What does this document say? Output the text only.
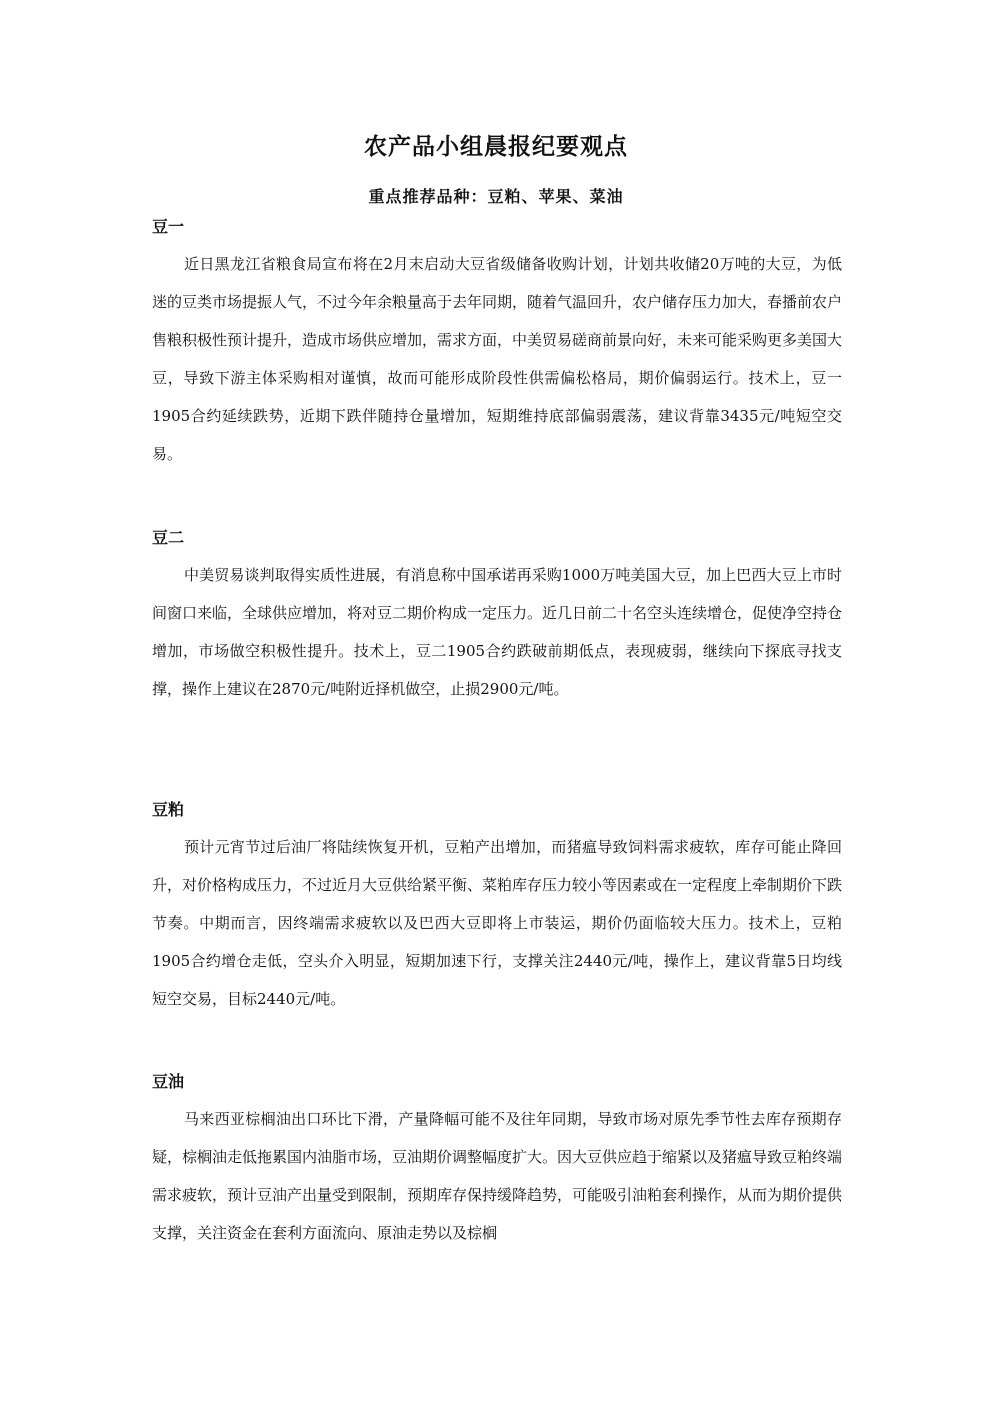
农产品小组晨报纪要观点
重点推荐品种：豆粕、苹果、菜油
豆一

近日黑龙江省粮食局宣布将在2月末启动大豆省级储备收购计划，计划共收储20万吨的大豆，为低迷的豆类市场提振人气，不过今年余粮量高于去年同期，随着气温回升，农户储存压力加大，春播前农户售粮积极性预计提升，造成市场供应增加，需求方面，中美贸易磋商前景向好，未来可能采购更多美国大豆，导致下游主体采购相对谨慎，故而可能形成阶段性供需偏松格局，期价偏弱运行。技术上，豆一1905合约延续跌势，近期下跌伴随持仓量增加，短期维持底部偏弱震荡，建议背靠3435元/吨短空交易。

豆二

中美贸易谈判取得实质性进展，有消息称中国承诺再采购1000万吨美国大豆，加上巴西大豆上市时间窗口来临，全球供应增加，将对豆二期价构成一定压力。近几日前二十名空头连续增仓，促使净空持仓增加，市场做空积极性提升。技术上，豆二1905合约跌破前期低点，表现疲弱，继续向下探底寻找支撑，操作上建议在2870元/吨附近择机做空，止损2900元/吨。

豆粕

预计元宵节过后油厂将陆续恢复开机，豆粕产出增加，而猪瘟导致饲料需求疲软，库存可能止降回升，对价格构成压力，不过近月大豆供给紧平衡、菜粕库存压力较小等因素或在一定程度上牵制期价下跌节奏。中期而言，因终端需求疲软以及巴西大豆即将上市装运，期价仍面临较大压力。技术上，豆粕1905合约增仓走低，空头介入明显，短期加速下行，支撑关注2440元/吨，操作上，建议背靠5日均线短空交易，目标2440元/吨。

豆油

马来西亚棕榈油出口环比下滑，产量降幅可能不及往年同期，导致市场对原先季节性去库存预期存疑，棕榈油走低拖累国内油脂市场，豆油期价调整幅度扩大。因大豆供应趋于缩紧以及猪瘟导致豆粕终端需求疲软，预计豆油产出量受到限制，预期库存保持缓降趋势，可能吸引油粕套利操作，从而为期价提供支撑，关注资金在套利方面流向、原油走势以及棕榈
